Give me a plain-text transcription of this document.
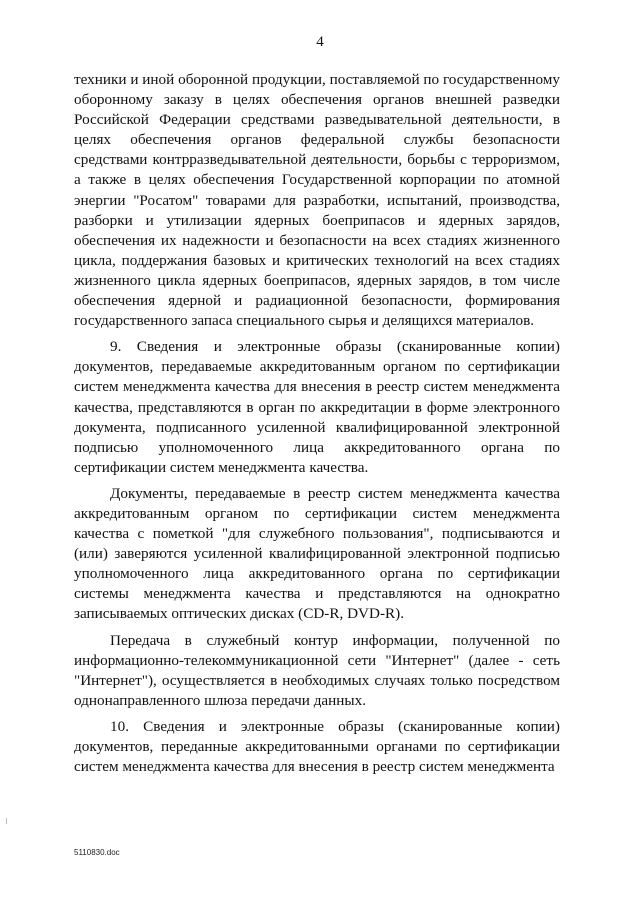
4

техники и иной оборонной продукции, поставляемой по государственному оборонному заказу в целях обеспечения органов внешней разведки Российской Федерации средствами разведывательной деятельности, в целях обеспечения органов федеральной службы безопасности средствами контрразведывательной деятельности, борьбы с терроризмом, а также в целях обеспечения Государственной корпорации по атомной энергии "Росатом" товарами для разработки, испытаний, производства, разборки и утилизации ядерных боеприпасов и ядерных зарядов, обеспечения их надежности и безопасности на всех стадиях жизненного цикла, поддержания базовых и критических технологий на всех стадиях жизненного цикла ядерных боеприпасов, ядерных зарядов, в том числе обеспечения ядерной и радиационной безопасности, формирования государственного запаса специального сырья и делящихся материалов.

9. Сведения и электронные образы (сканированные копии) документов, передаваемые аккредитованным органом по сертификации систем менеджмента качества для внесения в реестр систем менеджмента качества, представляются в орган по аккредитации в форме электронного документа, подписанного усиленной квалифицированной электронной подписью уполномоченного лица аккредитованного органа по сертификации систем менеджмента качества.

Документы, передаваемые в реестр систем менеджмента качества аккредитованным органом по сертификации систем менеджмента качества с пометкой "для служебного пользования", подписываются и (или) заверяются усиленной квалифицированной электронной подписью уполномоченного лица аккредитованного органа по сертификации системы менеджмента качества и представляются на однократно записываемых оптических дисках (CD-R, DVD-R).

Передача в служебный контур информации, полученной по информационно-телекоммуникационной сети "Интернет" (далее - сеть "Интернет"), осуществляется в необходимых случаях только посредством однонаправленного шлюза передачи данных.

10. Сведения и электронные образы (сканированные копии) документов, переданные аккредитованными органами по сертификации систем менеджмента качества для внесения в реестр систем менеджмента

5110830.doc
